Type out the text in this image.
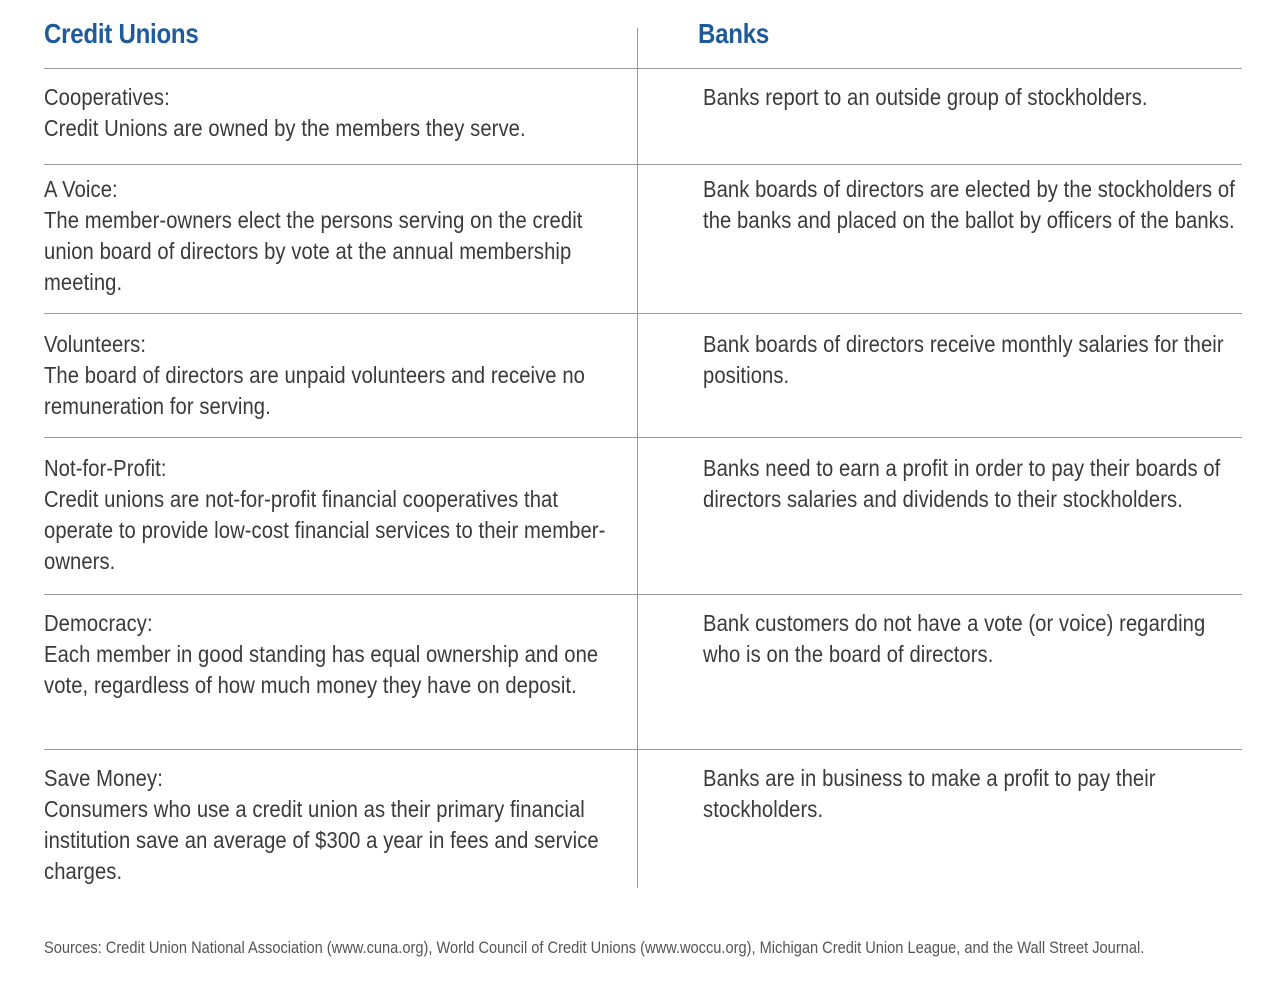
Credit Unions	Banks
Cooperatives:
Credit Unions are owned by the members they serve.
Banks report to an outside group of stockholders.
A Voice:
The member-owners elect the persons serving on the credit union board of directors by vote at the annual membership meeting.
Bank boards of directors are elected by the stockholders of the banks and placed on the ballot by officers of the banks.
Volunteers:
The board of directors are unpaid volunteers and receive no remuneration for serving.
Bank boards of directors receive monthly salaries for their positions.
Not-for-Profit:
Credit unions are not-for-profit financial cooperatives that operate to provide low-cost financial services to their member-owners.
Banks need to earn a profit in order to pay their boards of directors salaries and dividends to their stockholders.
Democracy:
Each member in good standing has equal ownership and one vote, regardless of how much money they have on deposit.
Bank customers do not have a vote (or voice) regarding who is on the board of directors.
Save Money:
Consumers who use a credit union as their primary financial institution save an average of $300 a year in fees and service charges.
Banks are in business to make a profit to pay their stockholders.
Sources: Credit Union National Association (www.cuna.org), World Council of Credit Unions (www.woccu.org), Michigan Credit Union League, and the Wall Street Journal.
